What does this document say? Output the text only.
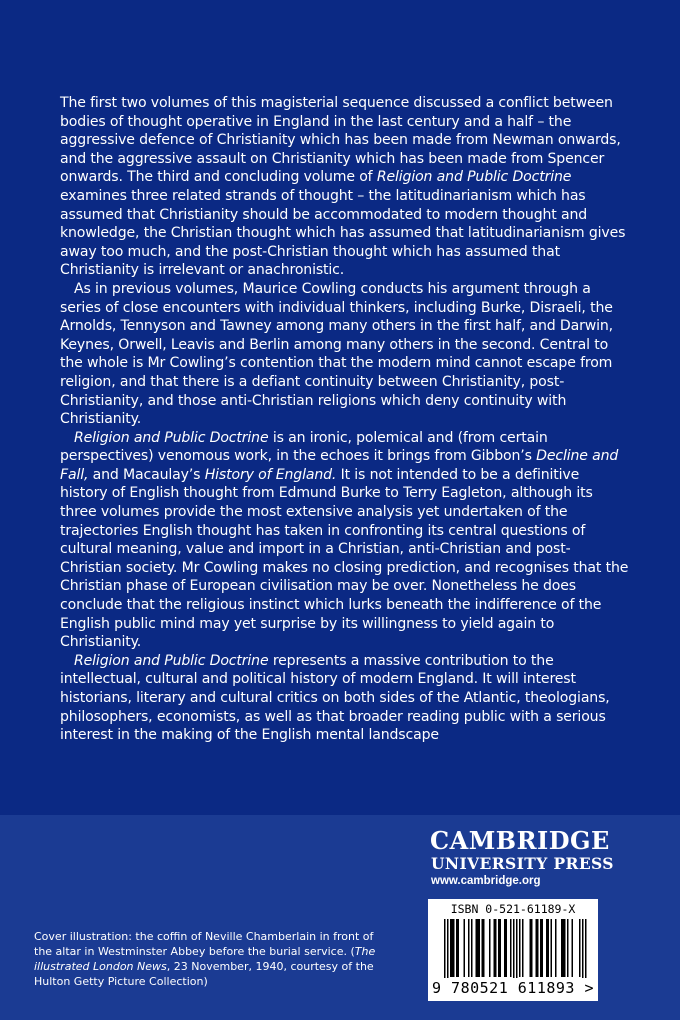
The first two volumes of this magisterial sequence discussed a conflict between bodies of thought operative in England in the last century and a half – the aggressive defence of Christianity which has been made from Newman onwards, and the aggressive assault on Christianity which has been made from Spencer onwards. The third and concluding volume of Religion and Public Doctrine examines three related strands of thought – the latitudinarianism which has assumed that Christianity should be accommodated to modern thought and knowledge, the Christian thought which has assumed that latitudinarianism gives away too much, and the post-Christian thought which has assumed that Christianity is irrelevant or anachronistic.

As in previous volumes, Maurice Cowling conducts his argument through a series of close encounters with individual thinkers, including Burke, Disraeli, the Arnolds, Tennyson and Tawney among many others in the first half, and Darwin, Keynes, Orwell, Leavis and Berlin among many others in the second. Central to the whole is Mr Cowling’s contention that the modern mind cannot escape from religion, and that there is a defiant continuity between Christianity, post-Christianity, and those anti-Christian religions which deny continuity with Christianity.

Religion and Public Doctrine is an ironic, polemical and (from certain perspectives) venomous work, in the echoes it brings from Gibbon’s Decline and Fall, and Macaulay’s History of England. It is not intended to be a definitive history of English thought from Edmund Burke to Terry Eagleton, although its three volumes provide the most extensive analysis yet undertaken of the trajectories English thought has taken in confronting its central questions of cultural meaning, value and import in a Christian, anti-Christian and post-Christian society. Mr Cowling makes no closing prediction, and recognises that the Christian phase of European civilisation may be over. Nonetheless he does conclude that the religious instinct which lurks beneath the indifference of the English public mind may yet surprise by its willingness to yield again to Christianity.

Religion and Public Doctrine represents a massive contribution to the intellectual, cultural and political history of modern England. It will interest historians, literary and cultural critics on both sides of the Atlantic, theologians, philosophers, economists, as well as that broader reading public with a serious interest in the making of the English mental landscape

CAMBRIDGE
UNIVERSITY PRESS
www.cambridge.org
ISBN 0-521-61189-X
9 780521 611893 >
Cover illustration: the coffin of Neville Chamberlain in front of the altar in Westminster Abbey before the burial service. (The illustrated London News, 23 November, 1940, courtesy of the Hulton Getty Picture Collection)
